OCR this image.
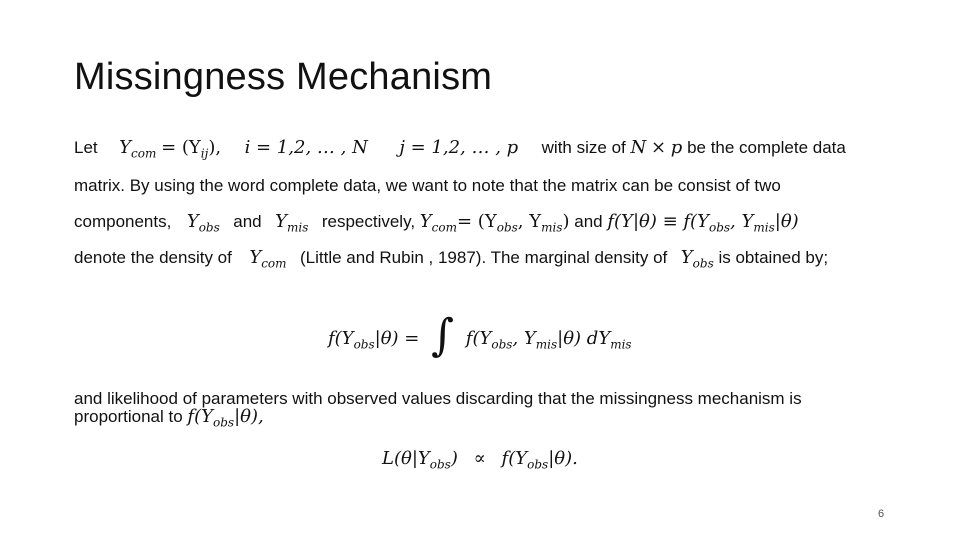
Missingness Mechanism
Let $Y_{com} = (Y_{ij})$, i = 1,2, … , N j = 1,2, … , p with size of N × p be the complete data
matrix. By using the word complete data, we want to note that the matrix can be consist of two
components, $Y_{obs}$ and $Y_{mis}$ respectively, $Y_{com}= (Y_{obs}$, $Y_{mis}$) and $f(Y|\theta) \equiv f(Y_{obs}$, $Y_{mis}|\theta$)
denote the density of $Y_{com}$ (Little and Rubin , 1987). The marginal density of $Y_{obs}$ is obtained by;
$f(Y_{obs}|\theta)$ = ∫ $f(Y_{obs}$, $Y_{mis}|\theta$) $dY_{mis}$
and likelihood of parameters with observed values discarding that the missingness mechanism is
proportional to $f(Y_{obs}|\theta)$,
$L(\theta|Y_{obs}) \propto f(Y_{obs}|\theta)$.
6
